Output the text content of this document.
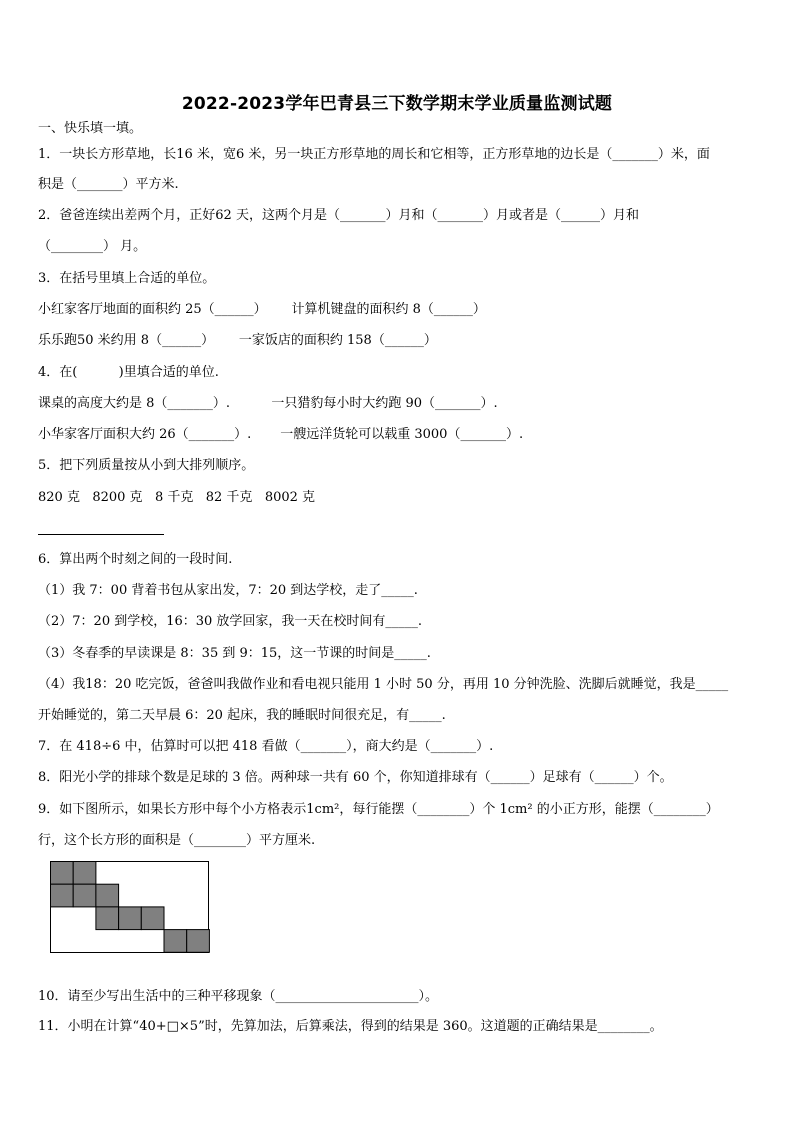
2022-2023学年巴青县三下数学期末学业质量监测试题
一、快乐填一填。
1．一块长方形草地，长16 米，宽6 米，另一块正方形草地的周长和它相等，正方形草地的边长是（_______）米，面
积是（_______）平方米.
2．爸爸连续出差两个月，正好62 天，这两个月是（_______）月和（_______）月或者是（______）月和
（________） 月。
3．在括号里填上合适的单位。
小红家客厅地面的面积约 25（______）      计算机键盘的面积约 8（______）
乐乐跑50 米约用 8（______）      一家饭店的面积约 158（______）
4．在(          )里填合适的单位.
课桌的高度大约是 8（_______）.          一只猎豹每小时大约跑 90（_______）.
小华家客厅面积大约 26（_______）.       一艘远洋货轮可以载重 3000（_______）.
5．把下列质量按从小到大排列顺序。
820 克   8200 克   8 千克   82 千克   8002 克
6．算出两个时刻之间的一段时间.
（1）我 7：00 背着书包从家出发，7：20 到达学校，走了_____.
（2）7：20 到学校，16：30 放学回家，我一天在校时间有_____.
（3）冬春季的早读课是 8：35 到 9：15，这一节课的时间是_____.
（4）我18：20 吃完饭，爸爸叫我做作业和看电视只能用 1 小时 50 分，再用 10 分钟洗脸、洗脚后就睡觉，我是_____
开始睡觉的，第二天早晨 6：20 起床，我的睡眠时间很充足，有_____.
7．在 418÷6 中，估算时可以把 418 看做（_______），商大约是（_______）.
8．阳光小学的排球个数是足球的 3 倍。两种球一共有 60 个，你知道排球有（______）足球有（______）个。
9．如下图所示，如果长方形中每个小方格表示1cm²，每行能摆（________）个 1cm² 的小正方形，能摆（________）
行，这个长方形的面积是（________）平方厘米.
10．请至少写出生活中的三种平移现象（______________________）。
11．小明在计算“40+□×5”时，先算加法，后算乘法，得到的结果是 360。这道题的正确结果是________。
